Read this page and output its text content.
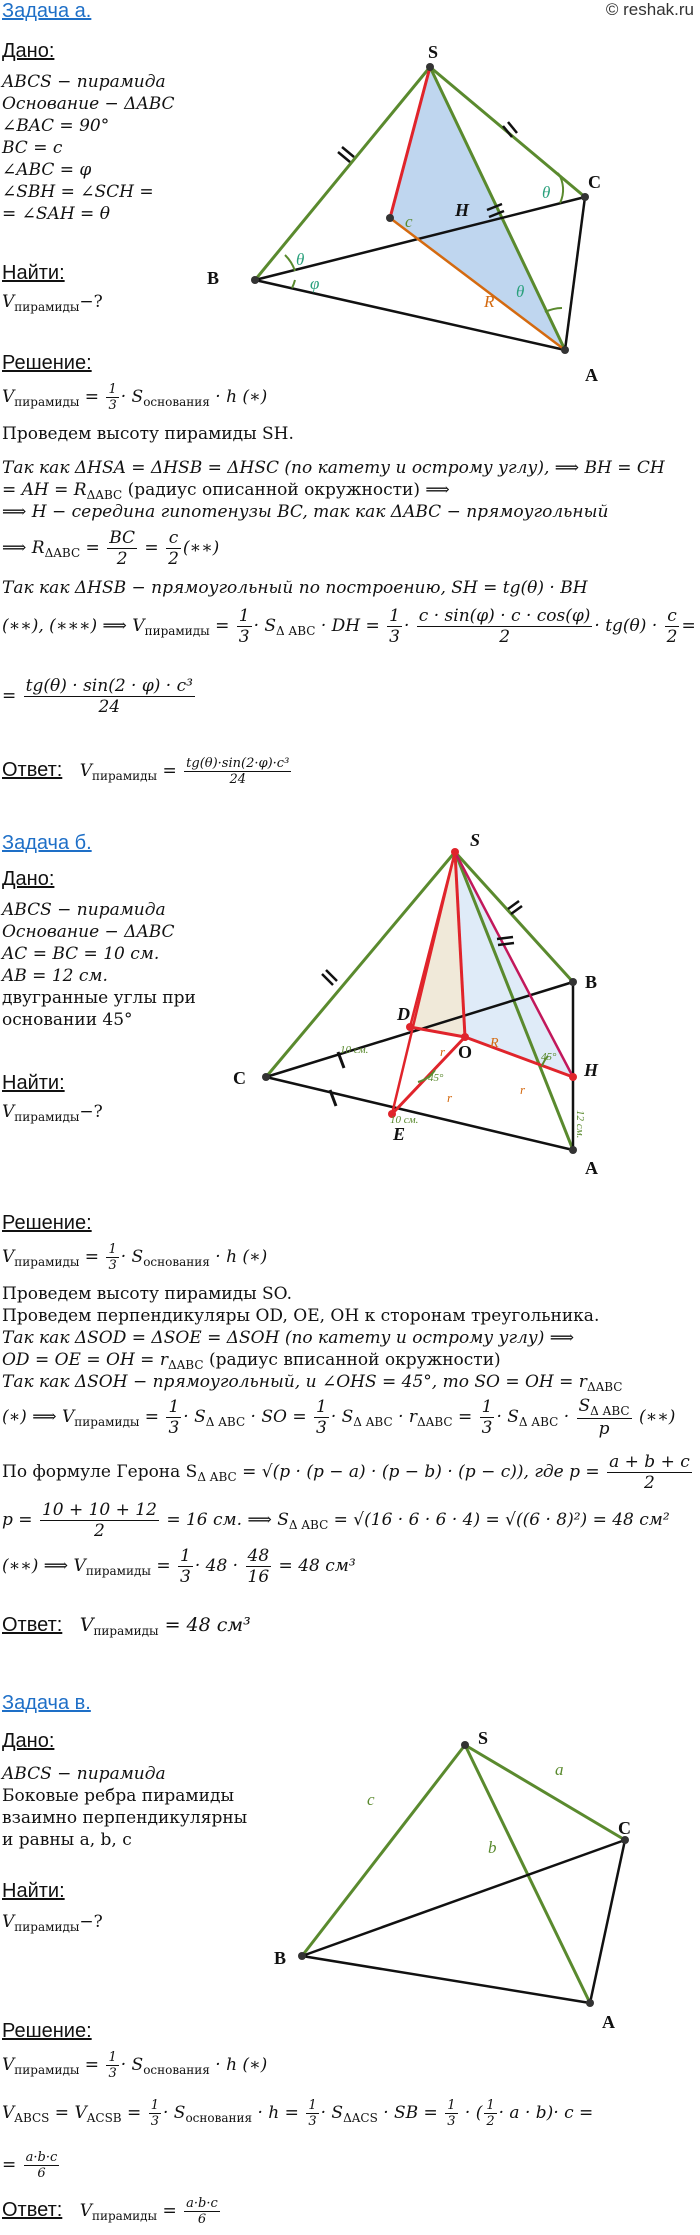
Задача а.	© reshak.ru
Дано:
ABCS − пирамида
Основание − ΔABC
∠BAC = 90°
BC = c
∠ABC = φ
∠SBH = ∠SCH =
= ∠SAH = θ
Найти:
$V_{пирамиды}-$?
S
B
C
A
H
c
R
θ
θ
θ
φ
Решение:
$V_{пирамиды} = \frac{1}{3} \cdot S_{основания} \cdot h$ (∗)
Проведем высоту пирамиды SH.
Так как ΔHSA = ΔHSB = ΔHSC (по катету и острому углу), ⟹ BH = CH
= AH = $R_{\Delta ABC}$ (радиус описанной окружности) ⟹
⟹ H − середина гипотенузы BC, так как ΔABC − прямоугольный
⟹ $R_{\Delta ABC} = \frac{BC}{2} = \frac{c}{2}$ (∗∗)
Так как ΔHSB − прямоугольный по построению, SH = tg(θ) · BH
(∗∗), (∗∗∗) ⟹ $V_{пирамиды} = \frac{1}{3} \cdot S_{\Delta ABC}$ · DH = $\frac{1}{3} \cdot \frac{c \cdot \sin(\varphi) \cdot c \cdot \cos(\varphi)}{2} \cdot tg(\theta) \cdot \frac{c}{2}$ =
= $\frac{\text{tg(θ) · sin(2 · φ) · c³}}{24}$
Ответ: $V_{пирамиды} = \frac{\text{tg(θ)·sin(2·φ)·c³}}{24}$
Задача б.
Дано:
ABCS − пирамида
Основание − ΔABC
AC = BC = 10 см.
AB = 12 см.
двугранные углы при
основании 45°
Найти:
$V_{пирамиды}-$?
S
B
C
A
H
D
O
E
R
r
r
r
10 см.
10 см.	12 см.
45°
45°
Решение:
$V_{пирамиды} = \frac{1}{3} \cdot S_{основания} \cdot h$ (∗)
Проведем высоту пирамиды SO.
Проведем перпендикуляры OD, OE, OH к сторонам треугольника.
Так как ΔSOD = ΔSOE = ΔSOH (по катету и острому углу) ⟹
OD = OE = OH = $r_{\Delta ABC}$ (радиус вписанной окружности)
Так как ΔSOH − прямоугольный, и ∠OHS = 45°, то SO = OH = $r_{\Delta ABC}$
(∗) ⟹ $V_{пирамиды} = \frac{1}{3} \cdot S_{\Delta ABC}$ · SO = $\frac{1}{3} \cdot S_{\Delta ABC} \cdot r_{\Delta ABC} = \frac{1}{3} \cdot S_{\Delta ABC} \cdot \frac{S_{\Delta ABC}}{p}$ (∗∗)
По формуле Герона $S_{\Delta ABC} = √(p \cdot (p - a) \cdot (p - b) \cdot (p - c))$, где $p = \frac{a + b + c}{2}$
$p = \frac{10 + 10 + 12}{2} = 16$ см. ⟹ $S_{\Delta ABC} = √(16 \cdot 6 \cdot 6 \cdot 4) = √((6 \cdot 8)^2) = 48$ см²
(∗∗) ⟹ $V_{пирамиды} = \frac{1}{3} \cdot 48 \cdot \frac{48}{16} = 48$ см³
Ответ: $V_{пирамиды} = 48$ см³
Задача в.
Дано:
ABCS − пирамида
Боковые ребра пирамиды
взаимно перпендикулярны
и равны a, b, c
Найти:
$V_{пирамиды}-$?
S
B
C
A
a
b
c
Решение:
$V_{пирамиды} = \frac{1}{3} \cdot S_{основания} \cdot h$ (∗)
$V_{ABCS} = V_{ACSB} = \frac{1}{3} \cdot S_{основания} \cdot h = \frac{1}{3} \cdot S_{\Delta ACS}$ · SB = $\frac{1}{3}$ · ( $\frac{1}{2} \cdot a \cdot b)\cdot c$ =
= $\frac{a\cdot b\cdot c}{6}$
Ответ: $V_{пирамиды} = \frac{a\cdot b\cdot c}{6}$
